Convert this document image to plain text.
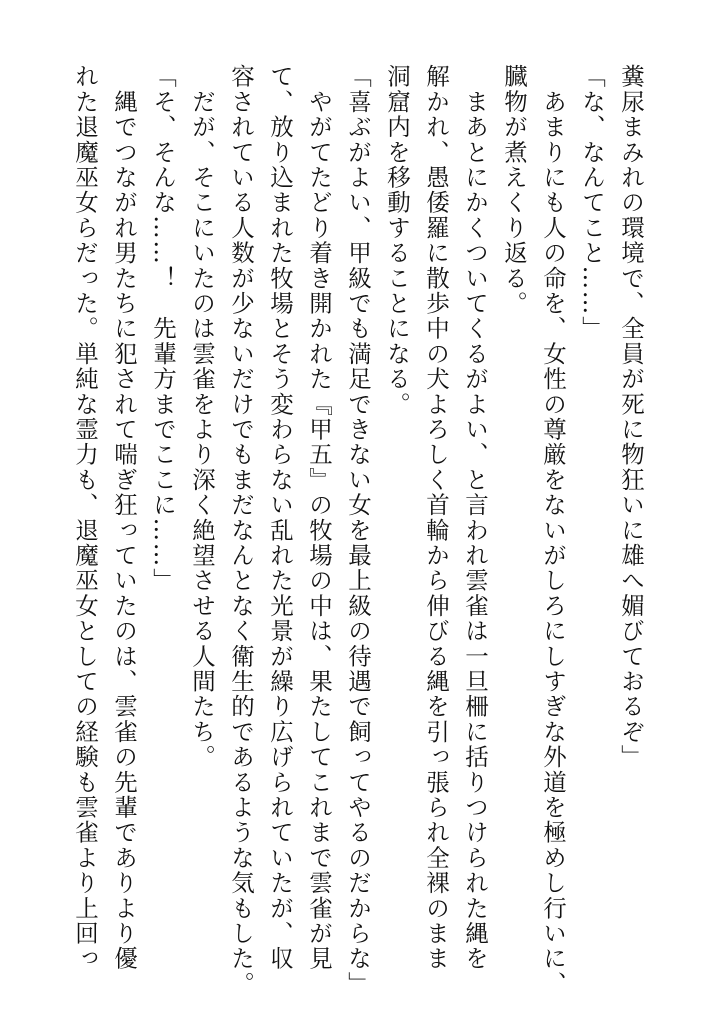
糞尿まみれの環境で、全員が死に物狂いに雄へ媚びておるぞ」
「な、なんてこと……」
　あまりにも人の命を、女性の尊厳をないがしろにしすぎな外道を極めし行いに、
臓物が煮えくり返る。
　まあとにかくついてくるがよい、と言われ雲雀は一旦柵に括りつけられた縄を
解かれ、愚倭羅に散歩中の犬よろしく首輪から伸びる縄を引っ張られ全裸のまま
洞窟内を移動することになる。
「喜ぶがよい、甲級でも満足できない女を最上級の待遇で飼ってやるのだからな」
　やがてたどり着き開かれた『甲五』の牧場の中は、果たしてこれまで雲雀が見
て、放り込まれた牧場とそう変わらない乱れた光景が繰り広げられていたが、収
容されている人数が少ないだけでもまだなんとなく衛生的であるような気もした。
　だが、そこにいたのは雲雀をより深く絶望させる人間たち。
「そ、そんな……！　先輩方までここに……」
　縄でつながれ男たちに犯されて喘ぎ狂っていたのは、雲雀の先輩でありより優
れた退魔巫女らだった。単純な霊力も、退魔巫女としての経験も雲雀より上回っ
